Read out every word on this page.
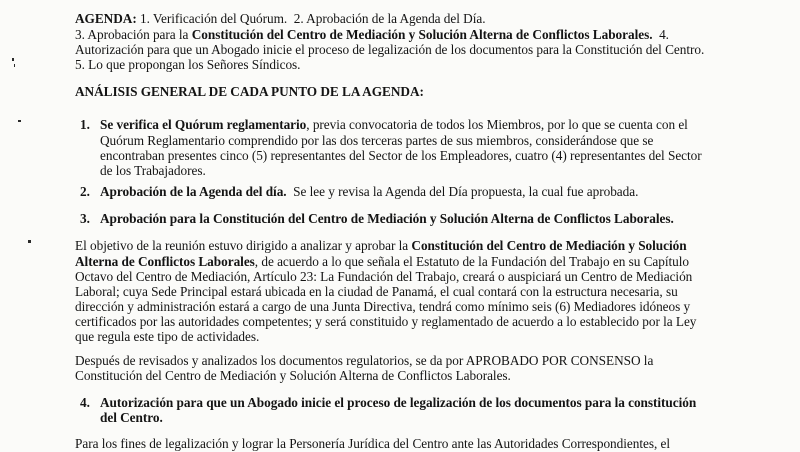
AGENDA: 1. Verificación del Quórum. 2. Aprobación de la Agenda del Día.
3. Aprobación para la Constitución del Centro de Mediación y Solución Alterna de Conflictos Laborales. 4.
Autorización para que un Abogado inicie el proceso de legalización de los documentos para la Constitución del Centro.
5. Lo que propongan los Señores Síndicos.
ANÁLISIS GENERAL DE CADA PUNTO DE LA AGENDA:
1. Se verifica el Quórum reglamentario, previa convocatoria de todos los Miembros, por lo que se cuenta con el
Quórum Reglamentario comprendido por las dos terceras partes de sus miembros, considerándose que se
encontraban presentes cinco (5) representantes del Sector de los Empleadores, cuatro (4) representantes del Sector
de los Trabajadores.
2. Aprobación de la Agenda del día. Se lee y revisa la Agenda del Día propuesta, la cual fue aprobada.
3. Aprobación para la Constitución del Centro de Mediación y Solución Alterna de Conflictos Laborales.
El objetivo de la reunión estuvo dirigido a analizar y aprobar la Constitución del Centro de Mediación y Solución
Alterna de Conflictos Laborales, de acuerdo a lo que señala el Estatuto de la Fundación del Trabajo en su Capítulo
Octavo del Centro de Mediación, Artículo 23: La Fundación del Trabajo, creará o auspiciará un Centro de Mediación
Laboral; cuya Sede Principal estará ubicada en la ciudad de Panamá, el cual contará con la estructura necesaria, su
dirección y administración estará a cargo de una Junta Directiva, tendrá como mínimo seis (6) Mediadores idóneos y
certificados por las autoridades competentes; y será constituido y reglamentado de acuerdo a lo establecido por la Ley
que regula este tipo de actividades.
Después de revisados y analizados los documentos regulatorios, se da por APROBADO POR CONSENSO la
Constitución del Centro de Mediación y Solución Alterna de Conflictos Laborales.
4. Autorización para que un Abogado inicie el proceso de legalización de los documentos para la constitución
del Centro.
Para los fines de legalización y lograr la Personería Jurídica del Centro ante las Autoridades Correspondientes, el
